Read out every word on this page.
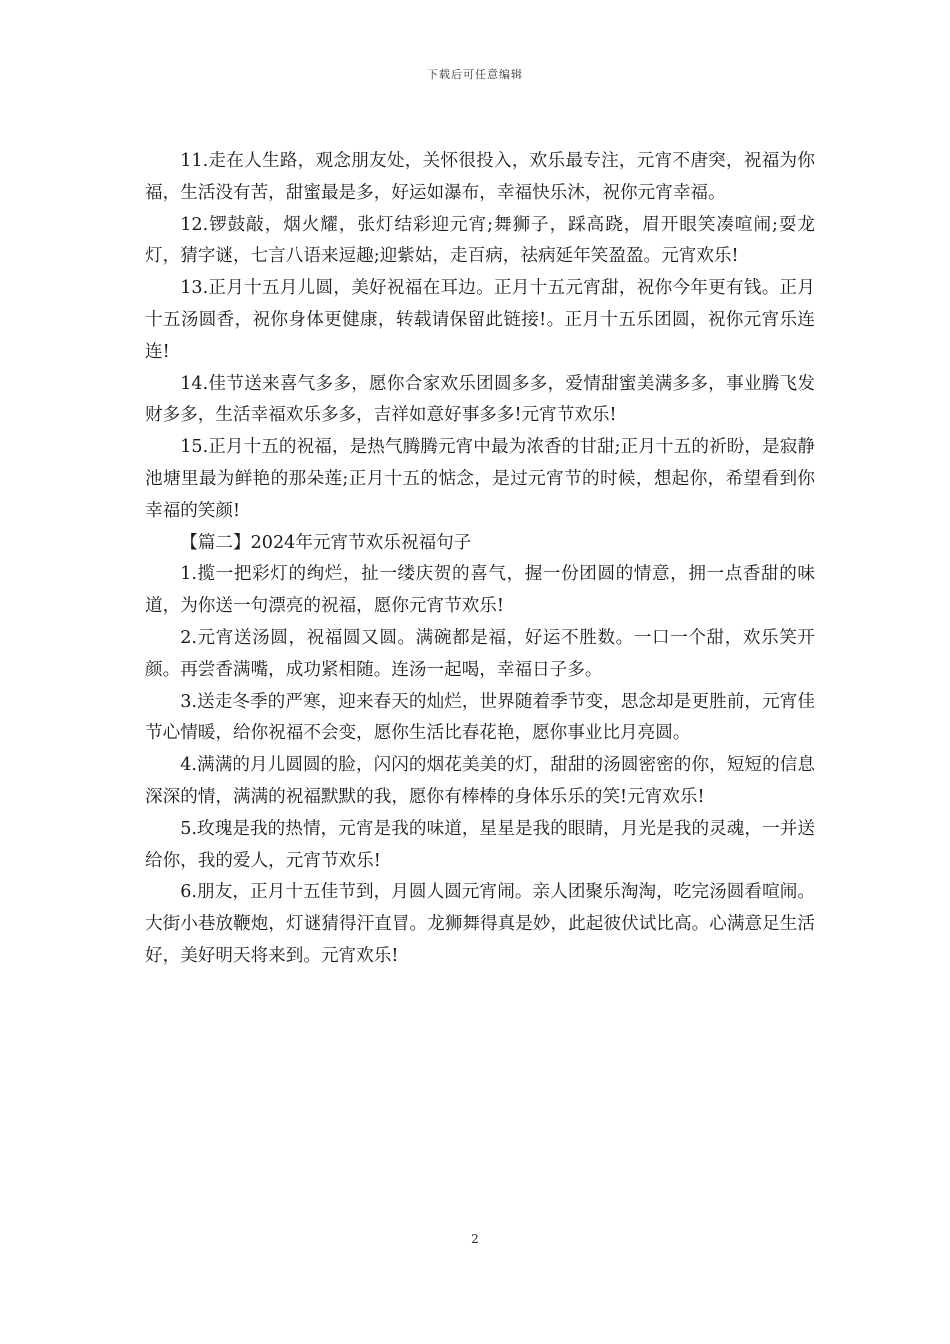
下载后可任意编辑

11.走在人生路，观念朋友处，关怀很投入，欢乐最专注，元宵不唐突，祝福为你福，生活没有苦，甜蜜最是多，好运如瀑布，幸福快乐沐，祝你元宵幸福。

12.锣鼓敲，烟火耀，张灯结彩迎元宵;舞狮子，踩高跷，眉开眼笑凑喧闹;耍龙灯，猜字谜，七言八语来逗趣;迎紫姑，走百病，祛病延年笑盈盈。元宵欢乐!

13.正月十五月儿圆，美好祝福在耳边。正月十五元宵甜，祝你今年更有钱。正月十五汤圆香，祝你身体更健康，转载请保留此链接!。正月十五乐团圆，祝你元宵乐连连!

14.佳节送来喜气多多，愿你合家欢乐团圆多多，爱情甜蜜美满多多，事业腾飞发财多多，生活幸福欢乐多多，吉祥如意好事多多!元宵节欢乐!

15.正月十五的祝福，是热气腾腾元宵中最为浓香的甘甜;正月十五的祈盼，是寂静池塘里最为鲜艳的那朵莲;正月十五的惦念，是过元宵节的时候，想起你，希望看到你幸福的笑颜!

【篇二】2024年元宵节欢乐祝福句子

1.揽一把彩灯的绚烂，扯一缕庆贺的喜气，握一份团圆的情意，拥一点香甜的味道，为你送一句漂亮的祝福，愿你元宵节欢乐!

2.元宵送汤圆，祝福圆又圆。满碗都是福，好运不胜数。一口一个甜，欢乐笑开颜。再尝香满嘴，成功紧相随。连汤一起喝，幸福日子多。

3.送走冬季的严寒，迎来春天的灿烂，世界随着季节变，思念却是更胜前，元宵佳节心情暖，给你祝福不会变，愿你生活比春花艳，愿你事业比月亮圆。

4.满满的月儿圆圆的脸，闪闪的烟花美美的灯，甜甜的汤圆密密的你，短短的信息深深的情，满满的祝福默默的我，愿你有棒棒的身体乐乐的笑!元宵欢乐!

5.玫瑰是我的热情，元宵是我的味道，星星是我的眼睛，月光是我的灵魂，一并送给你，我的爱人，元宵节欢乐!

6.朋友，正月十五佳节到，月圆人圆元宵闹。亲人团聚乐淘淘，吃完汤圆看喧闹。大街小巷放鞭炮，灯谜猜得汗直冒。龙狮舞得真是妙，此起彼伏试比高。心满意足生活好，美好明天将来到。元宵欢乐!

2
